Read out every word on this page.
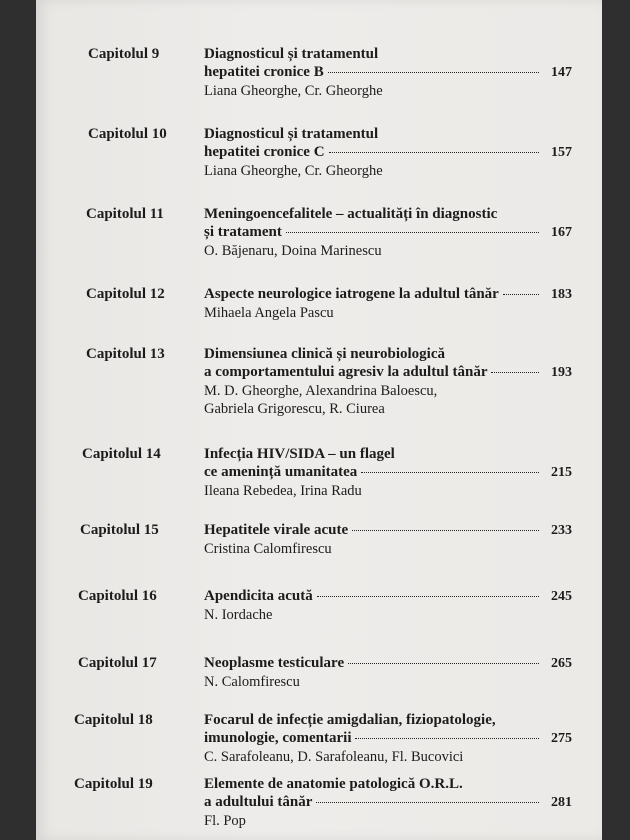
Capitolul 9	Diagnosticul și tratamentul
hepatitei cronice B	147
Liana Gheorghe, Cr. Gheorghe
Capitolul 10	Diagnosticul și tratamentul
hepatitei cronice C	157
Liana Gheorghe, Cr. Gheorghe
Capitolul 11	Meningoencefalitele – actualități în diagnostic
și tratament	167
O. Băjenaru, Doina Marinescu
Capitolul 12	Aspecte neurologice iatrogene la adultul tânăr	183
Mihaela Angela Pascu
Capitolul 13	Dimensiunea clinică și neurobiologică
a comportamentului agresiv la adultul tânăr	193
M. D. Gheorghe, Alexandrina Baloescu,
Gabriela Grigorescu, R. Ciurea
Capitolul 14	Infecția HIV/SIDA – un flagel
ce amenință umanitatea	215
Ileana Rebedea, Irina Radu
Capitolul 15	Hepatitele virale acute	233
Cristina Calomfirescu
Capitolul 16	Apendicita acută	245
N. Iordache
Capitolul 17	Neoplasme testiculare	265
N. Calomfirescu
Capitolul 18	Focarul de infecție amigdalian, fiziopatologie,
imunologie, comentarii	275
C. Sarafoleanu, D. Sarafoleanu, Fl. Bucovici
Capitolul 19	Elemente de anatomie patologică O.R.L.
a adultului tânăr	281
Fl. Pop
